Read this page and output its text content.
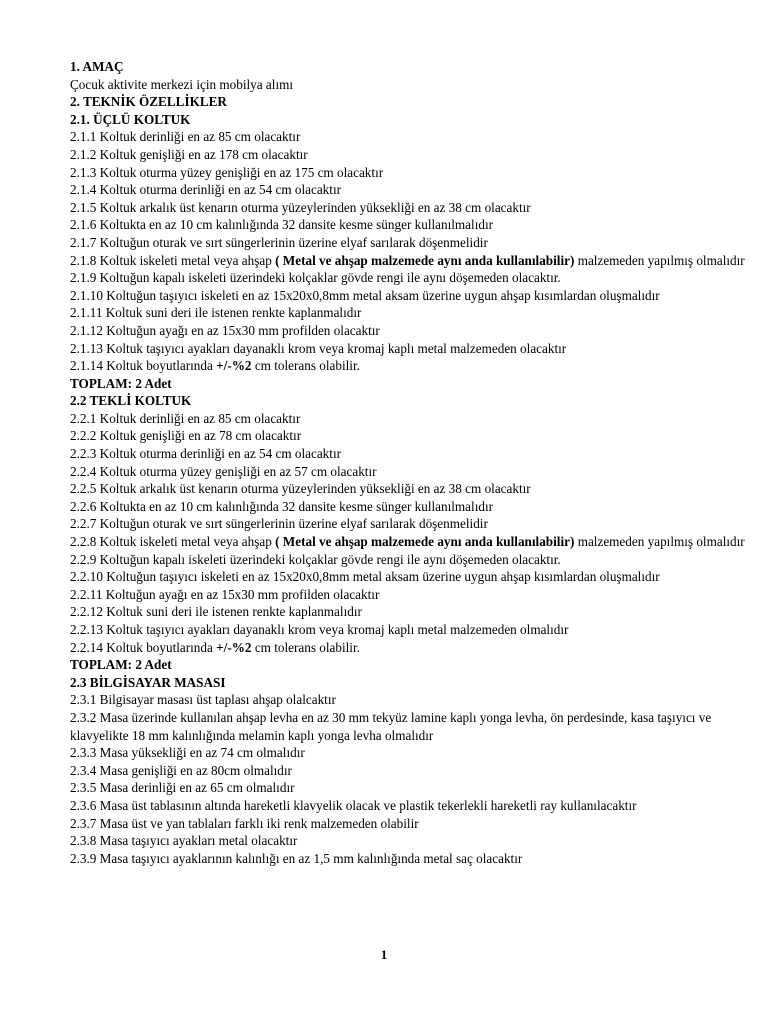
1. AMAÇ
Çocuk aktivite merkezi için mobilya alımı
2. TEKNİK ÖZELLİKLER
2.1. ÜÇLÜ KOLTUK
2.1.1 Koltuk derinliği en az 85 cm olacaktır
2.1.2 Koltuk genişliği en az 178 cm olacaktır
2.1.3 Koltuk oturma yüzey genişliği en az 175 cm olacaktır
2.1.4 Koltuk oturma derinliği en az 54 cm olacaktır
2.1.5 Koltuk arkalık üst kenarın oturma yüzeylerinden yüksekliği en az 38 cm olacaktır
2.1.6 Koltukta en az 10 cm kalınlığında 32 dansite kesme sünger kullanılmalıdır
2.1.7 Koltuğun oturak ve sırt süngerlerinin üzerine elyaf sarılarak döşenmelidir
2.1.8 Koltuk iskeleti metal veya ahşap ( Metal ve ahşap malzemede aynı anda kullanılabilir) malzemeden yapılmış olmalıdır
2.1.9 Koltuğun kapalı iskeleti üzerindeki kolçaklar gövde rengi ile aynı döşemeden olacaktır.
2.1.10 Koltuğun taşıyıcı iskeleti en az 15x20x0,8mm metal aksam üzerine uygun ahşap kısımlardan oluşmalıdır
2.1.11 Koltuk suni deri ile istenen renkte kaplanmalıdır
2.1.12 Koltuğun ayağı en az 15x30 mm profilden olacaktır
2.1.13 Koltuk taşıyıcı ayakları dayanaklı krom veya kromaj kaplı metal malzemeden olacaktır
2.1.14 Koltuk boyutlarında +/-%2 cm tolerans olabilir.
TOPLAM: 2 Adet
2.2 TEKLİ KOLTUK
2.2.1 Koltuk derinliği en az 85 cm olacaktır
2.2.2 Koltuk genişliği en az 78 cm olacaktır
2.2.3 Koltuk oturma derinliği en az 54 cm olacaktır
2.2.4 Koltuk oturma yüzey genişliği en az 57 cm olacaktır
2.2.5 Koltuk arkalık üst kenarın oturma yüzeylerinden yüksekliği en az 38 cm olacaktır
2.2.6 Koltukta en az 10 cm kalınlığında 32 dansite kesme sünger kullanılmalıdır
2.2.7 Koltuğun oturak ve sırt süngerlerinin üzerine elyaf sarılarak döşenmelidir
2.2.8 Koltuk iskeleti metal veya ahşap ( Metal ve ahşap malzemede aynı anda kullanılabilir) malzemeden yapılmış olmalıdır
2.2.9 Koltuğun kapalı iskeleti üzerindeki kolçaklar gövde rengi ile aynı döşemeden olacaktır.
2.2.10 Koltuğun taşıyıcı iskeleti en az 15x20x0,8mm metal aksam üzerine uygun ahşap kısımlardan oluşmalıdır
2.2.11 Koltuğun ayağı en az 15x30 mm profilden olacaktır
2.2.12 Koltuk suni deri ile istenen renkte kaplanmalıdır
2.2.13 Koltuk taşıyıcı ayakları dayanaklı krom veya kromaj kaplı metal malzemeden olmalıdır
2.2.14 Koltuk boyutlarında +/-%2 cm tolerans olabilir.
TOPLAM: 2 Adet
2.3 BİLGİSAYAR MASASI
2.3.1 Bilgisayar masası üst taplası ahşap olalcaktır
2.3.2 Masa üzerinde kullanılan ahşap levha en az 30 mm tekyüz lamine kaplı yonga levha, ön perdesinde, kasa taşıyıcı ve klavyelikte 18 mm kalınlığında melamin kaplı yonga levha olmalıdır
2.3.3 Masa yüksekliği en az 74 cm olmalıdır
2.3.4 Masa genişliği en az 80cm olmalıdır
2.3.5 Masa derinliği en az 65 cm olmalıdır
2.3.6 Masa üst tablasının altında hareketli klavyelik olacak ve plastik tekerlekli hareketli ray kullanılacaktır
2.3.7 Masa üst ve yan tablaları farklı iki renk malzemeden olabilir
2.3.8 Masa taşıyıcı ayakları metal olacaktır
2.3.9 Masa taşıyıcı ayaklarının kalınlığı en az 1,5 mm kalınlığında metal saç olacaktır
1
